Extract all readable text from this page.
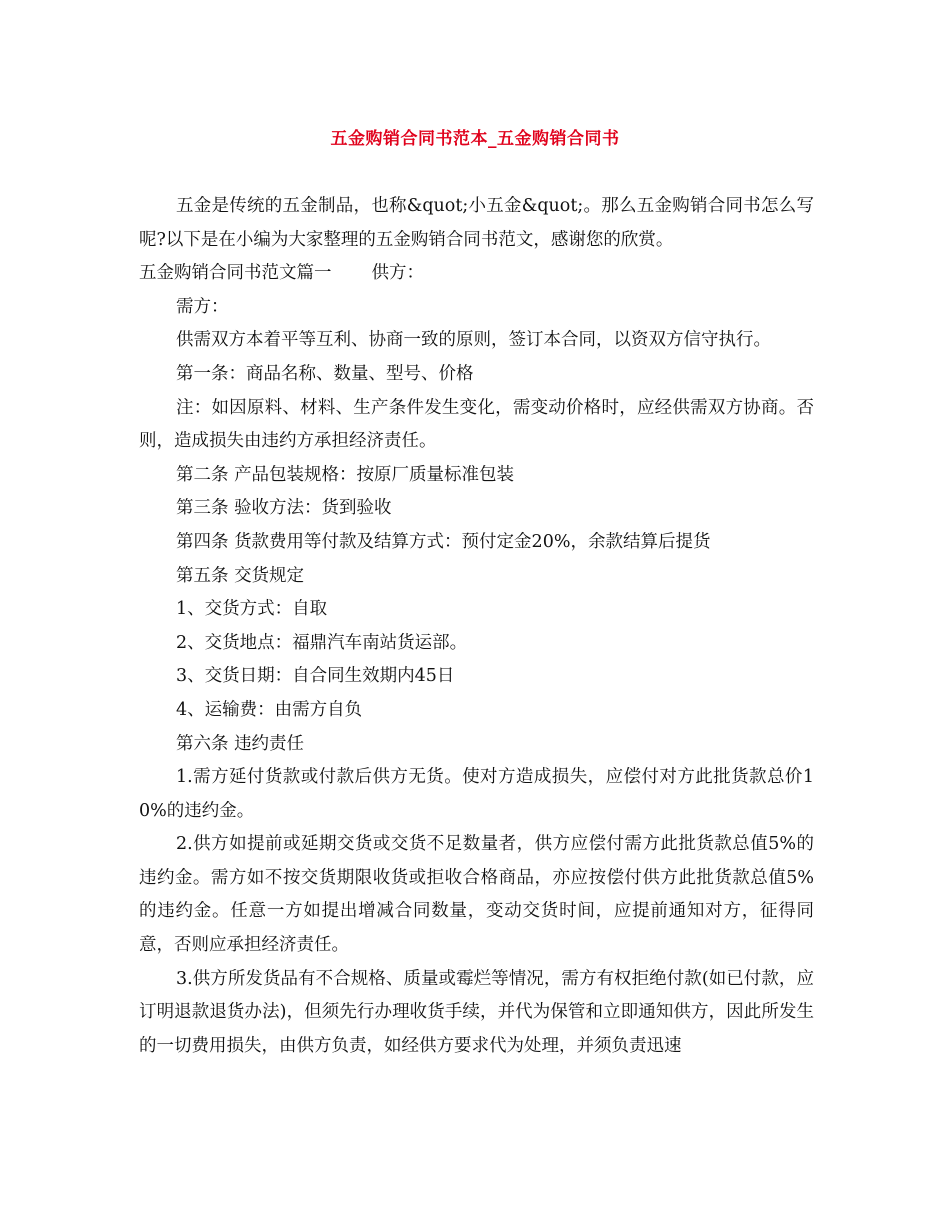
五金购销合同书范本_五金购销合同书

五金是传统的五金制品，也称&quot;小五金&quot;。那么五金购销合同书怎么写呢?以下是在小编为大家整理的五金购销合同书范文，感谢您的欣赏。

五金购销合同书范文篇一 供方：

需方：

供需双方本着平等互利、协商一致的原则，签订本合同，以资双方信守执行。

第一条：商品名称、数量、型号、价格

注：如因原料、材料、生产条件发生变化，需变动价格时，应经供需双方协商。否则，造成损失由违约方承担经济责任。

第二条 产品包装规格：按原厂质量标准包装

第三条 验收方法：货到验收

第四条 货款费用等付款及结算方式：预付定金20%，余款结算后提货

第五条 交货规定

1、交货方式：自取

2、交货地点：福鼎汽车南站货运部。

3、交货日期：自合同生效期内45日

4、运输费：由需方自负

第六条 违约责任

1.需方延付货款或付款后供方无货。使对方造成损失，应偿付对方此批货款总价10%的违约金。

2.供方如提前或延期交货或交货不足数量者，供方应偿付需方此批货款总值5%的违约金。需方如不按交货期限收货或拒收合格商品，亦应按偿付供方此批货款总值5%的违约金。任意一方如提出增减合同数量，变动交货时间，应提前通知对方，征得同意，否则应承担经济责任。

3.供方所发货品有不合规格、质量或霉烂等情况，需方有权拒绝付款(如已付款，应订明退款退货办法)，但须先行办理收货手续，并代为保管和立即通知供方，因此所发生的一切费用损失，由供方负责，如经供方要求代为处理，并须负责迅速
